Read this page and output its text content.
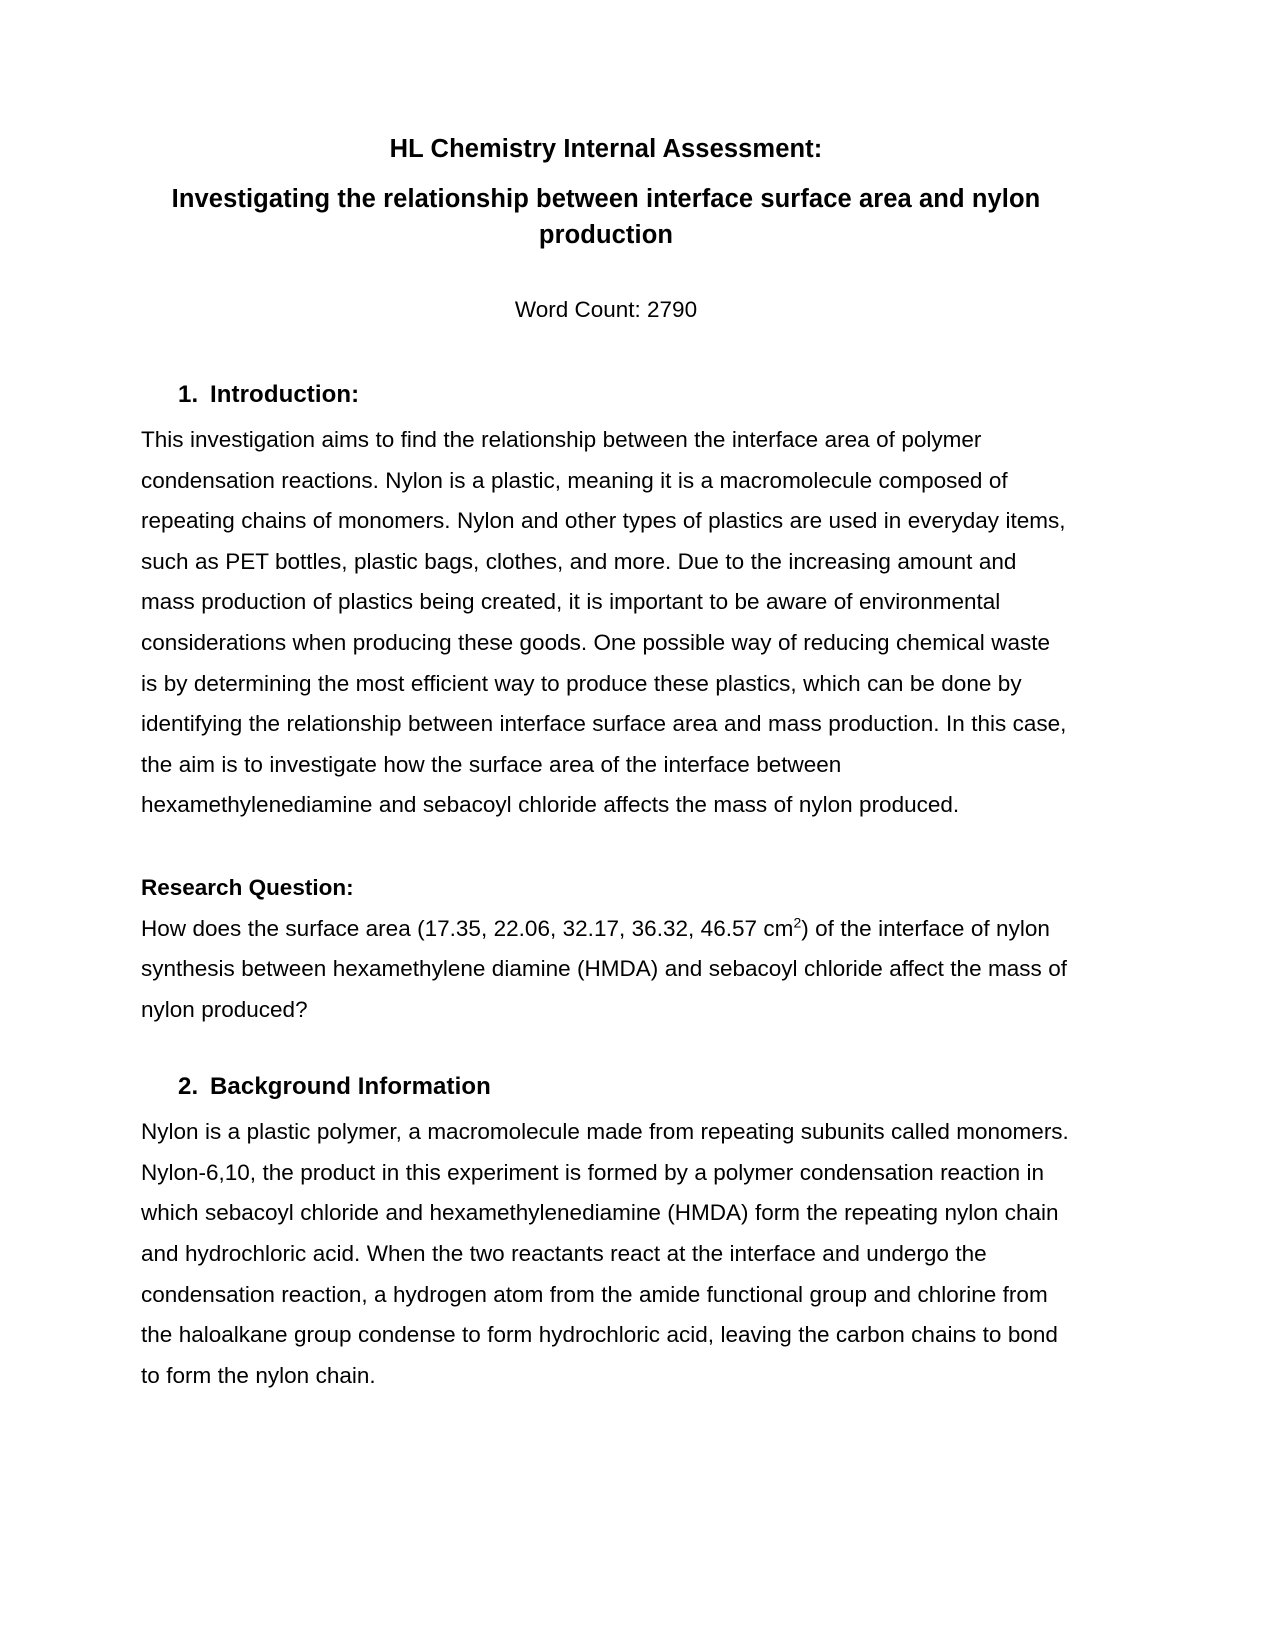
HL Chemistry Internal Assessment:
Investigating the relationship between interface surface area and nylon production
Word Count: 2790
1. Introduction:

This investigation aims to find the relationship between the interface area of polymer condensation reactions. Nylon is a plastic, meaning it is a macromolecule composed of repeating chains of monomers. Nylon and other types of plastics are used in everyday items, such as PET bottles, plastic bags, clothes, and more. Due to the increasing amount and mass production of plastics being created, it is important to be aware of environmental considerations when producing these goods. One possible way of reducing chemical waste is by determining the most efficient way to produce these plastics, which can be done by identifying the relationship between interface surface area and mass production. In this case, the aim is to investigate how the surface area of the interface between hexamethylenediamine and sebacoyl chloride affects the mass of nylon produced.

Research Question:

How does the surface area (17.35, 22.06, 32.17, 36.32, 46.57 $cm^2$) of the interface of nylon synthesis between hexamethylene diamine (HMDA) and sebacoyl chloride affect the mass of nylon produced?

2. Background Information

Nylon is a plastic polymer, a macromolecule made from repeating subunits called monomers. Nylon-6,10, the product in this experiment is formed by a polymer condensation reaction in which sebacoyl chloride and hexamethylenediamine (HMDA) form the repeating nylon chain and hydrochloric acid. When the two reactants react at the interface and undergo the condensation reaction, a hydrogen atom from the amide functional group and chlorine from the haloalkane group condense to form hydrochloric acid, leaving the carbon chains to bond to form the nylon chain.
